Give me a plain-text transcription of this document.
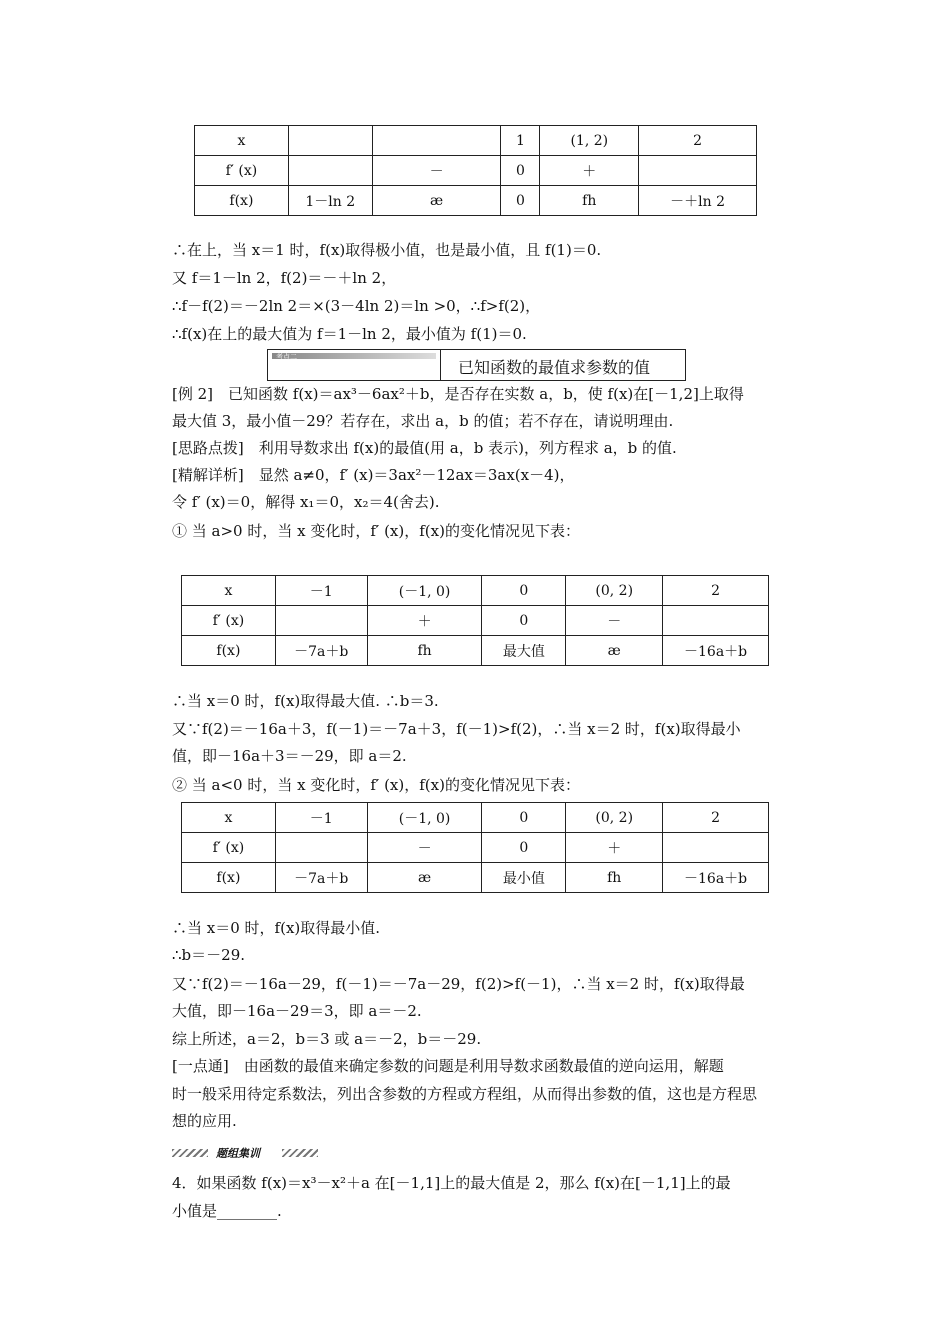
x			1	(1, 2)	2
f′ (x)		－	0	＋	
f(x)	1－ln 2	æ	0	fh	－＋ln 2
∴在上，当 x＝1 时，f(x)取得极小值，也是最小值，且 f(1)＝0.
又 f＝1－ln 2，f(2)＝－＋ln 2，
∴f－f(2)＝－2ln 2＝×(3－4ln 2)＝ln >0，∴f>f(2)，
∴f(x)在上的最大值为 f＝1－ln 2，最小值为 f(1)＝0.
考点二
已知函数的最值求参数的值
[例 2]　已知函数 f(x)＝ax³－6ax²＋b，是否存在实数 a，b，使 f(x)在[－1,2]上取得
最大值 3，最小值－29？若存在，求出 a，b 的值；若不存在，请说明理由.
[思路点拨]　利用导数求出 f(x)的最值(用 a，b 表示)，列方程求 a，b 的值.
[精解详析]　显然 a≠0，f′ (x)＝3ax²－12ax＝3ax(x－4)，
令 f′ (x)＝0，解得 x₁＝0，x₂＝4(舍去).
① 当 a>0 时，当 x 变化时，f′ (x)，f(x)的变化情况见下表：
x	－1	(－1, 0)	0	(0, 2)	2
f′ (x)		＋	0	－	
f(x)	－7a＋b	fh	最大值	æ	－16a＋b
∴当 x＝0 时，f(x)取得最大值. ∴b＝3.
又∵f(2)＝－16a＋3，f(－1)＝－7a＋3，f(－1)>f(2)，∴当 x＝2 时，f(x)取得最小
值，即－16a＋3＝－29，即 a＝2.
② 当 a<0 时，当 x 变化时，f′ (x)，f(x)的变化情况见下表：
x	－1	(－1, 0)	0	(0, 2)	2
f′ (x)		－	0	＋	
f(x)	－7a＋b	æ	最小值	fh	－16a＋b
∴当 x＝0 时，f(x)取得最小值.
∴b＝－29.
又∵f(2)＝－16a－29，f(－1)＝－7a－29，f(2)>f(－1)，∴当 x＝2 时，f(x)取得最
大值，即－16a－29＝3，即 a＝－2.
综上所述，a＝2，b＝3 或 a＝－2，b＝－29.
[一点通]　由函数的最值来确定参数的问题是利用导数求函数最值的逆向运用，解题
时一般采用待定系数法，列出含参数的方程或方程组，从而得出参数的值，这也是方程思
想的应用.
题组集训
4．如果函数 f(x)＝x³－x²＋a 在[－1,1]上的最大值是 2，那么 f(x)在[－1,1]上的最
小值是________.
